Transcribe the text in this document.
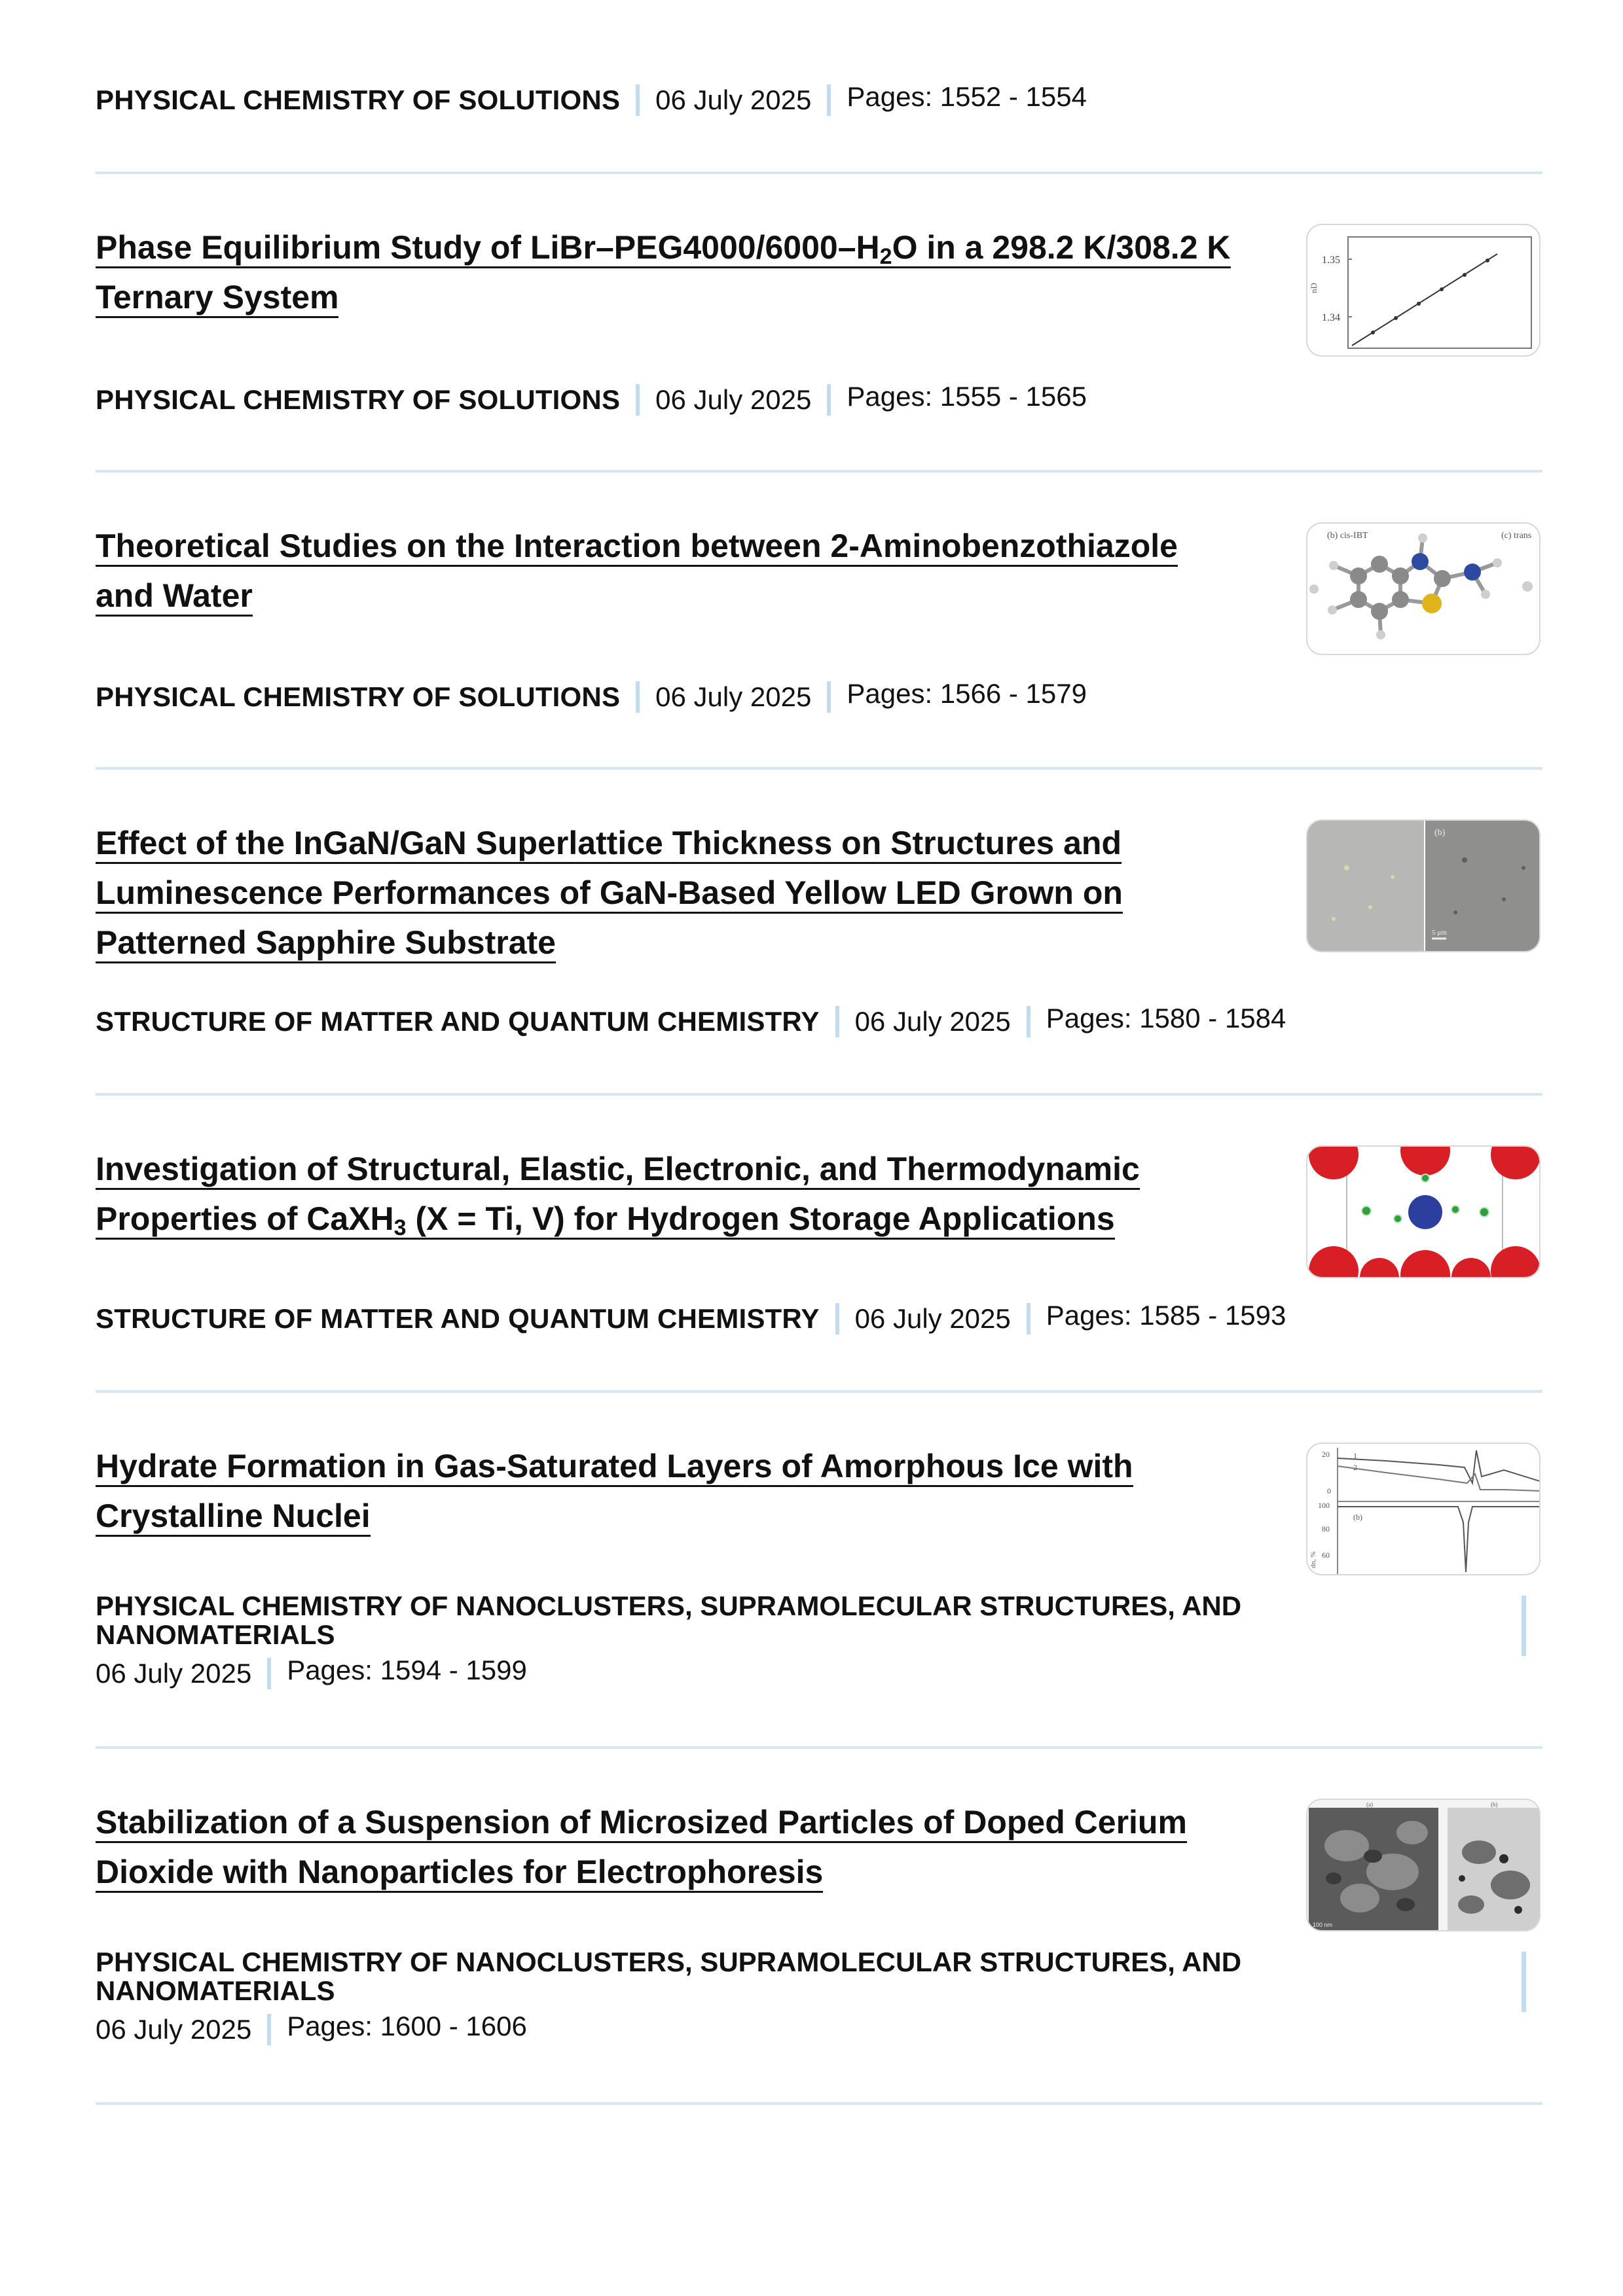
PHYSICAL CHEMISTRY OF SOLUTIONS 06 July 2025 Pages: 1552 - 1554
Phase Equilibrium Study of LiBr–$PEG4000/6000-H_2O$ in a 298.2 K/308.2 K
Ternary System
1.35
1.34
nD
PHYSICAL CHEMISTRY OF SOLUTIONS 06 July 2025 Pages: 1555 - 1565
Theoretical Studies on the Interaction between 2-Aminobenzothiazole
and Water
(b) cis-IBT	(c) trans
PHYSICAL CHEMISTRY OF SOLUTIONS 06 July 2025 Pages: 1566 - 1579
Effect of the InGaN/GaN Superlattice Thickness on Structures and
Luminescence Performances of GaN-Based Yellow LED Grown on
Patterned Sapphire Substrate
(b)
5 μm
STRUCTURE OF MATTER AND QUANTUM CHEMISTRY 06 July 2025 Pages: 1580 - 1584
Investigation of Structural, Elastic, Electronic, and Thermodynamic
Properties of CaXH$_3$ (X = Ti, V) for Hydrogen Storage Applications
STRUCTURE OF MATTER AND QUANTUM CHEMISTRY 06 July 2025 Pages: 1585 - 1593
Hydrate Formation in Gas-Saturated Layers of Amorphous Ice with
Crystalline Nuclei
20
0
100
80
60
dn, %
(b)
1
2
PHYSICAL CHEMISTRY OF NANOCLUSTERS, SUPRAMOLECULAR STRUCTURES, AND
NANOMATERIALS
06 July 2025 Pages: 1594 - 1599
Stabilization of a Suspension of Microsized Particles of Doped Cerium
Dioxide with Nanoparticles for Electrophoresis
(a)	(b)
100 nm
PHYSICAL CHEMISTRY OF NANOCLUSTERS, SUPRAMOLECULAR STRUCTURES, AND
NANOMATERIALS
06 July 2025 Pages: 1600 - 1606
